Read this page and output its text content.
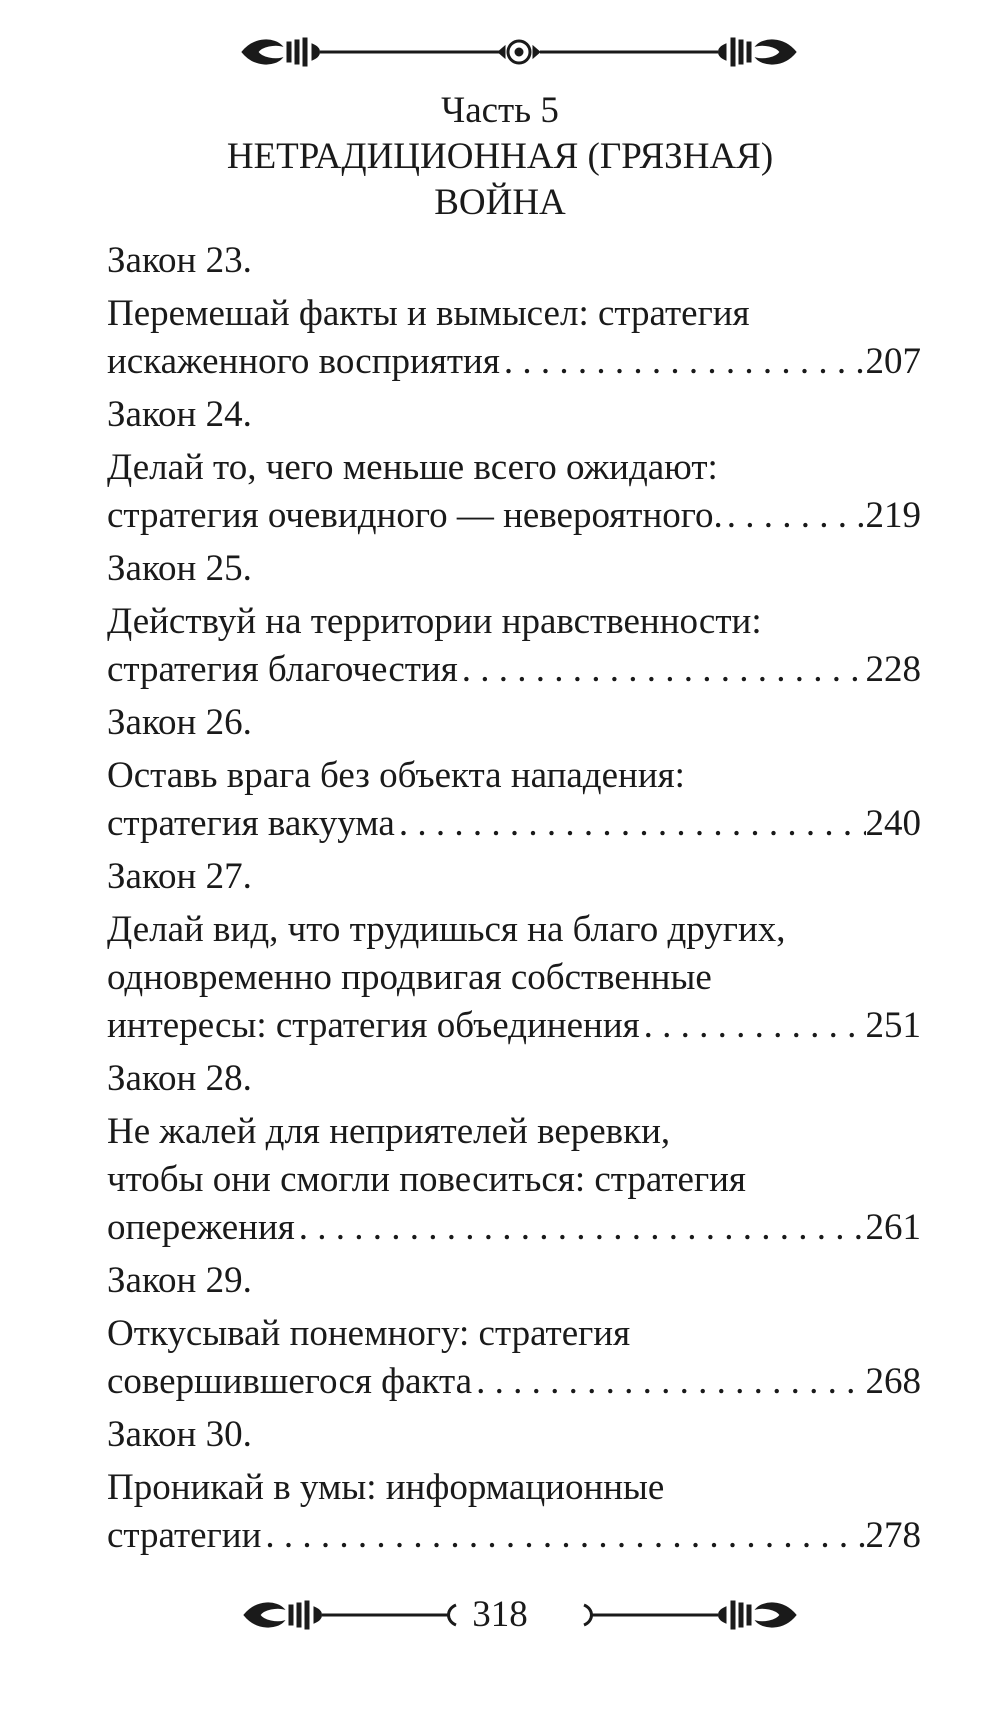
Часть 5
НЕТРАДИЦИОННАЯ (ГРЯЗНАЯ)
ВОЙНА
Закон 23.
Перемешай факты и вымысел: стратегия
искаженного восприятия . . .	207
Закон 24.
Делай то, чего меньше всего ожидают:
стратегия очевидного — невероятного. . . .	219
Закон 25.
Действуй на территории нравственности:
стратегия благочестия . . .	228
Закон 26.
Оставь врага без объекта нападения:
стратегия вакуума . . .	240
Закон 27.
Делай вид, что трудишься на благо других,
одновременно продвигая собственные
интересы: стратегия объединения . . .	251
Закон 28.
Не жалей для неприятелей веревки,
чтобы они смогли повеситься: стратегия
опережения . . .	261
Закон 29.
Откусывай понемногу: стратегия
совершившегося факта . . .	268
Закон 30.
Проникай в умы: информационные
стратегии . . .	278
318
